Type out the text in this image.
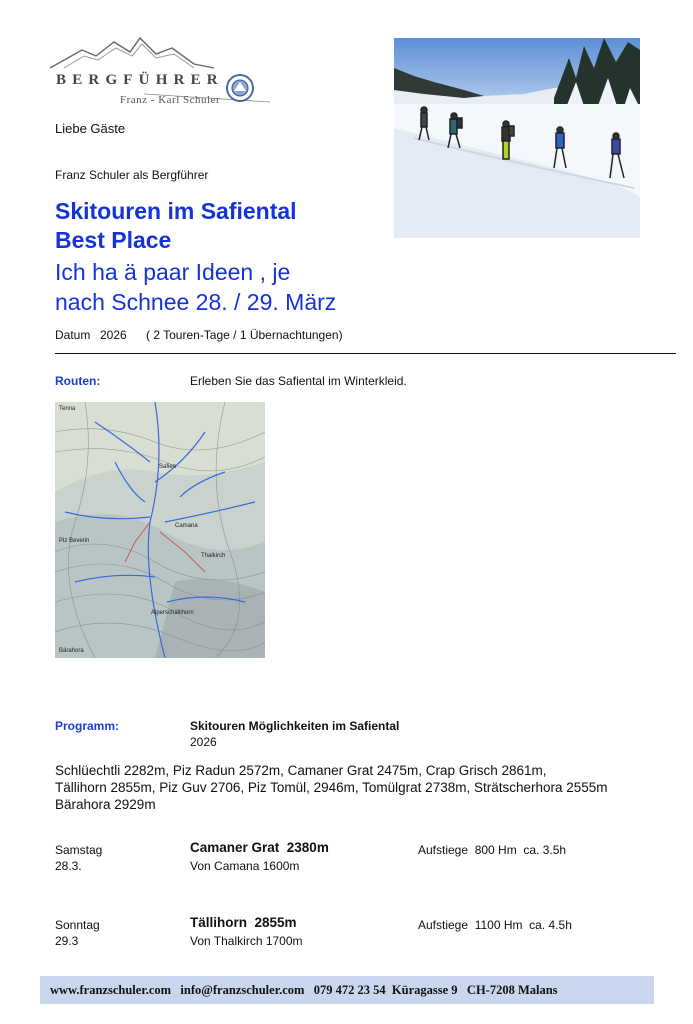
BERGFÜHRER
Franz - Karl Schuler
Liebe Gäste
Franz Schuler als Bergführer
Skitouren im Safiental
Best Place
Ich ha ä paar Ideen , je
nach Schnee 28. / 29. März
Datum 2026 ( 2 Touren-Tage / 1 Übernachtungen)
Routen:	Erleben Sie das Safiental im Winterkleid.
Tenna
Piz Beverin
Bärahora
Alperschällihorn
Safien
Camana
Thalkirch
Programm:	Skitouren Möglichkeiten im Safiental
2026
Schlüechtli 2282m, Piz Radun 2572m, Camaner Grat 2475m, Crap Grisch 2861m,
Tällihorn 2855m, Piz Guv 2706, Piz Tomül, 2946m, Tomülgrat 2738m, Strätscherhora 2555m
Bärahora 2929m
Samstag
28.3.
Camaner Grat  2380m
Von Camana 1600m
Aufstiege  800 Hm  ca. 3.5h
Sonntag
29.3
Tällihorn  2855m
Von Thalkirch 1700m
Aufstiege  1100 Hm  ca. 4.5h
www.franzschuler.com   info@franzschuler.com   079 472 23 54  Küragasse 9   CH-7208 Malans
